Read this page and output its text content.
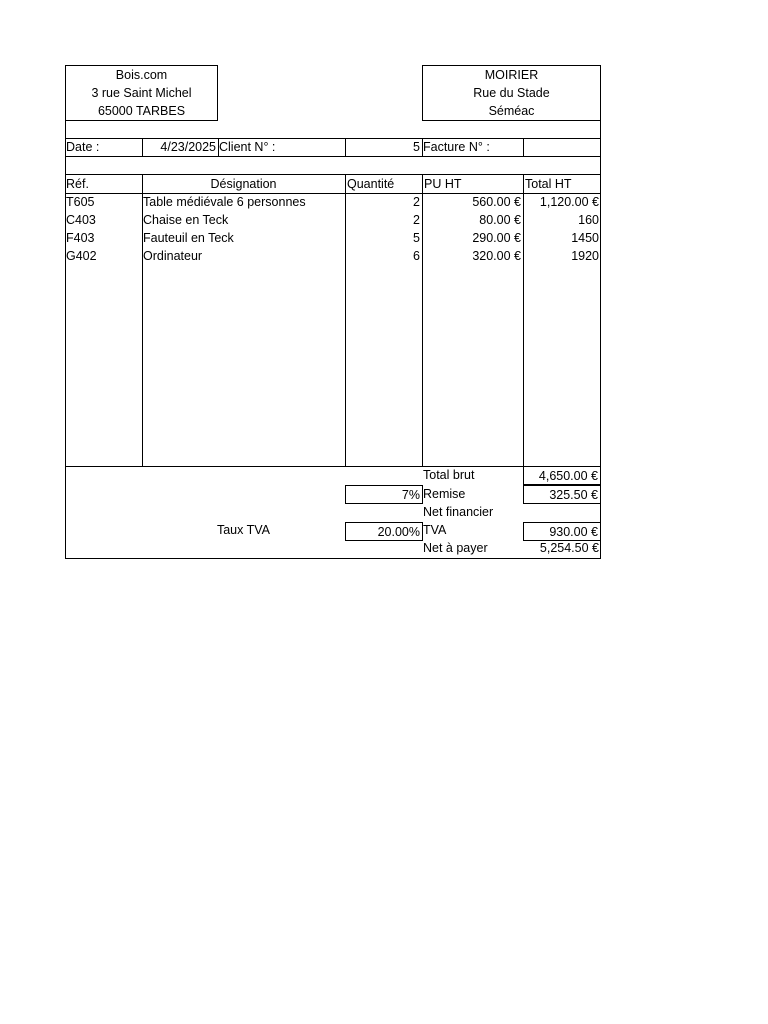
Bois.com
3 rue Saint Michel
65000 TARBES
MOIRIER
Rue du Stade
Séméac
Date :	4/23/2025 Client N° :	5 Facture N° :
Réf.	Désignation	Quantité	PU HT	Total HT
T605	Table médiévale 6 personnes	2	560.00 €	1,120.00 €
C403	Chaise en Teck	2	80.00 €	160
F403	Fauteuil en Teck	5	290.00 €	1450
G402	Ordinateur	6	320.00 €	1920
Total brut	4,650.00 €
7% Remise	325.50 €
Net financier
Taux TVA	20.00% TVA	930.00 €
Net à payer	5,254.50 €
